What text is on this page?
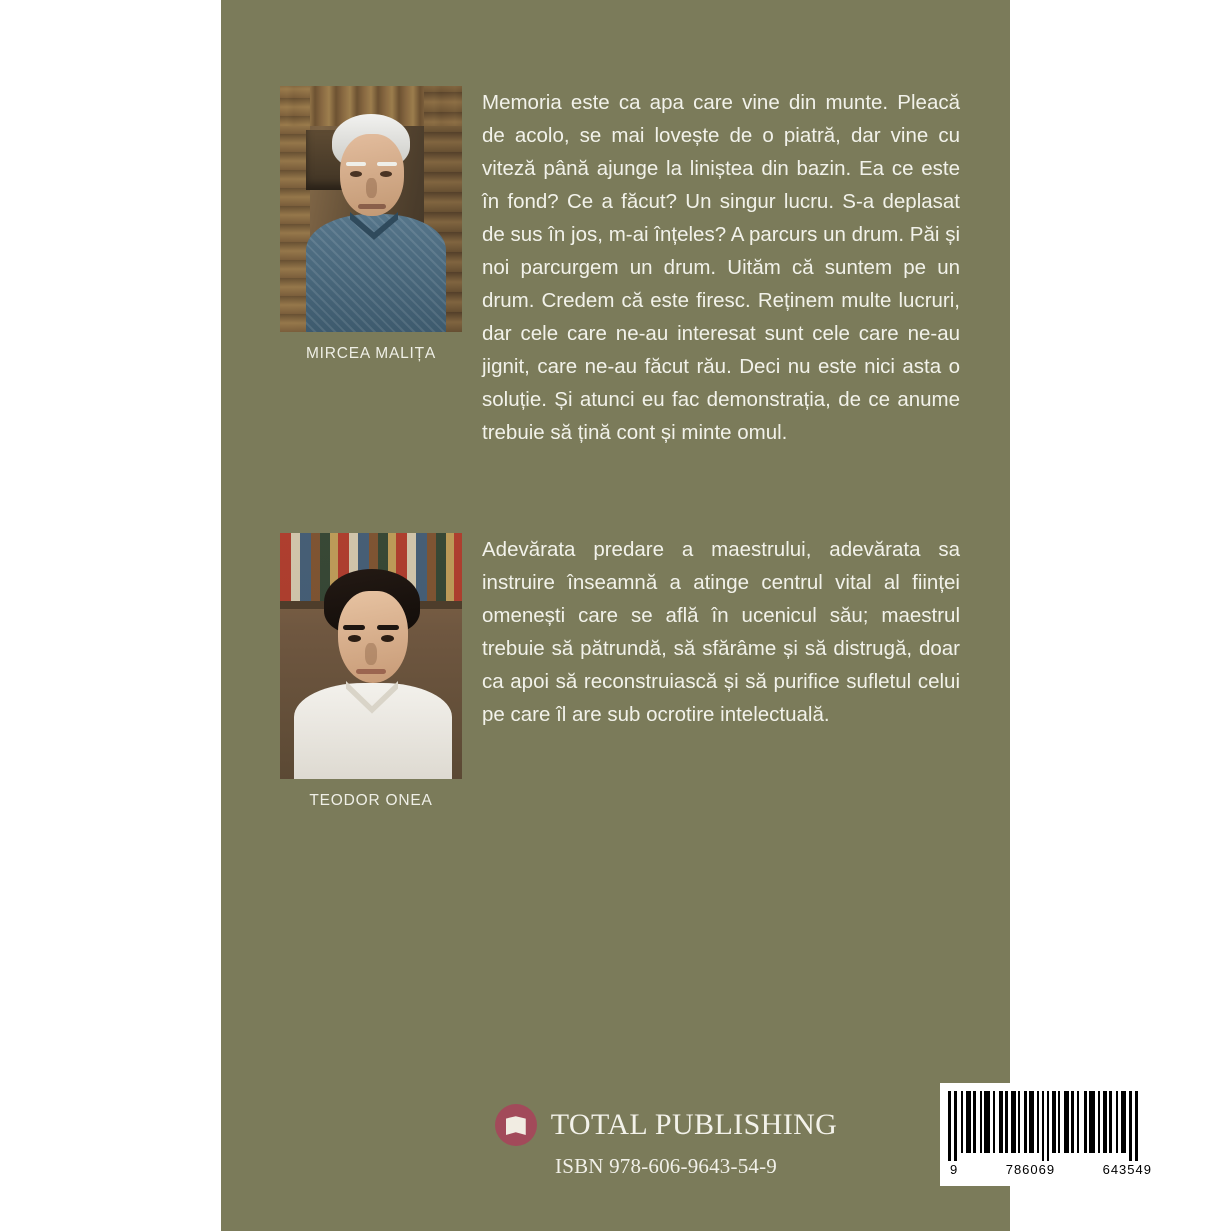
MIRCEA MALIȚA
Memoria este ca apa care vine din munte. Pleacă de acolo, se mai lovește de o piatră, dar vine cu viteză până ajunge la liniștea din bazin. Ea ce este în fond? Ce a făcut? Un singur lucru. S-a deplasat de sus în jos, m-ai înțeles? A parcurs un drum. Păi și noi parcurgem un drum. Uităm că suntem pe un drum. Credem că este firesc. Reținem multe lucruri, dar cele care ne-au interesat sunt cele care ne-au jignit, care ne-au făcut rău. Deci nu este nici asta o soluție. Și atunci eu fac demonstrația, de ce anume trebuie să țină cont și minte omul.
TEODOR ONEA
Adevărata predare a maestrului, adevărata sa instruire înseamnă a atinge centrul vital al ființei omenești care se află în ucenicul său; maestrul trebuie să pătrundă, să sfărâme și să distrugă, doar ca apoi să reconstruiască și să purifice sufletul celui pe care îl are sub ocrotire intelectuală.
TOTAL PUBLISHING
ISBN 978-606-9643-54-9	9	786069	643549
